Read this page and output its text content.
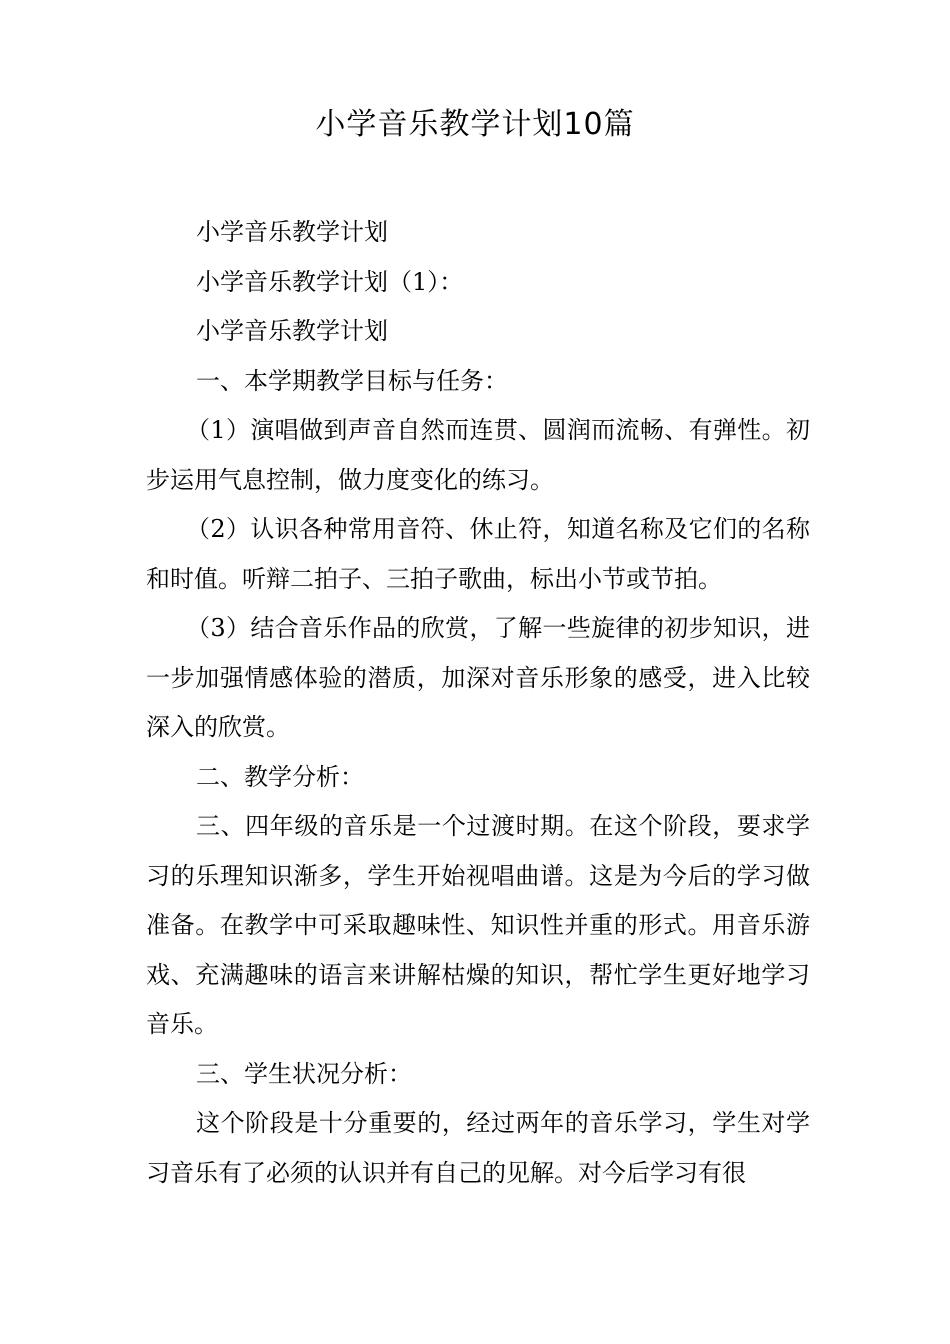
小学音乐教学计划10篇

小学音乐教学计划

小学音乐教学计划（1）：

小学音乐教学计划

一、本学期教学目标与任务：

（1）演唱做到声音自然而连贯、圆润而流畅、有弹性。初步运用气息控制，做力度变化的练习。

（2）认识各种常用音符、休止符，知道名称及它们的名称和时值。听辩二拍子、三拍子歌曲，标出小节或节拍。

（3）结合音乐作品的欣赏，了解一些旋律的初步知识，进一步加强情感体验的潜质，加深对音乐形象的感受，进入比较深入的欣赏。

二、教学分析：

三、四年级的音乐是一个过渡时期。在这个阶段，要求学习的乐理知识渐多，学生开始视唱曲谱。这是为今后的学习做准备。在教学中可采取趣味性、知识性并重的形式。用音乐游戏、充满趣味的语言来讲解枯燥的知识，帮忙学生更好地学习音乐。

三、学生状况分析：

这个阶段是十分重要的，经过两年的音乐学习，学生对学习音乐有了必须的认识并有自己的见解。对今后学习有很
